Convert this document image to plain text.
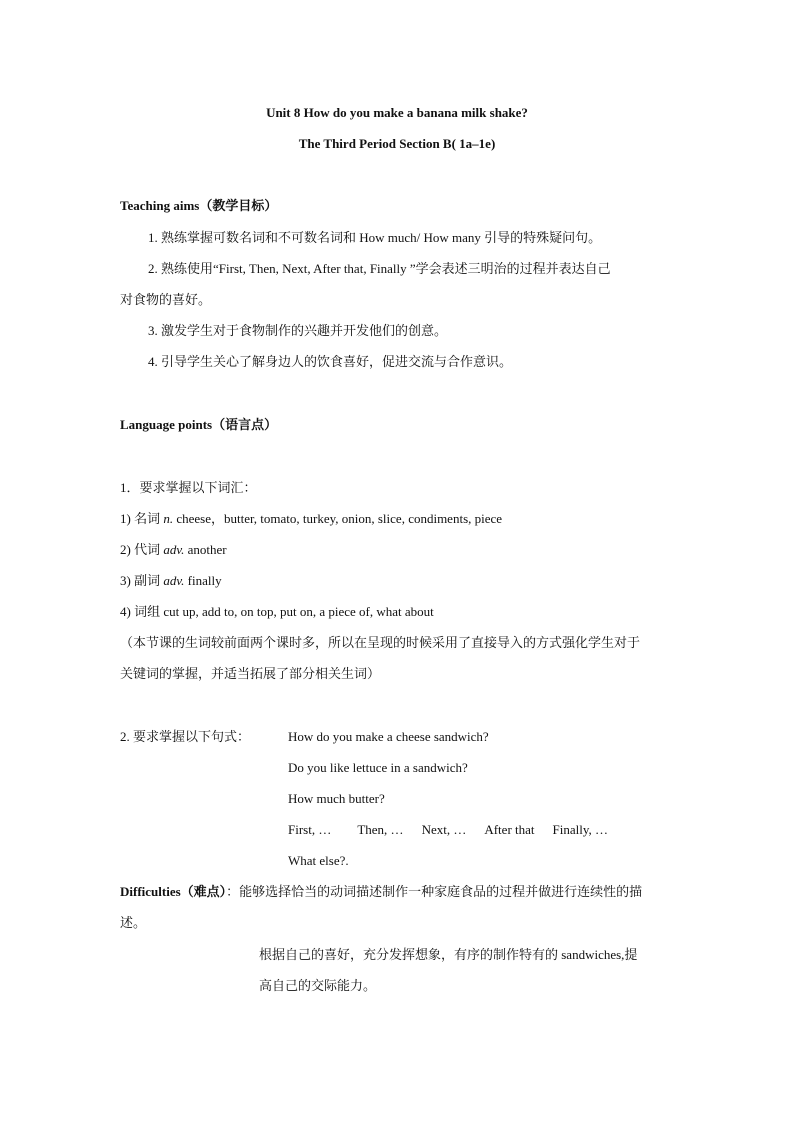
Unit 8 How do you make a banana milk shake?
The Third Period Section B( 1a–1e)
Teaching aims（教学目标）
1. 熟练掌握可数名词和不可数名词和 How much/ How many 引导的特殊疑问句。
2. 熟练使用“First, Then, Next, After that, Finally ”学会表述三明治的过程并表达自己
对食物的喜好。
3. 激发学生对于食物制作的兴趣并开发他们的创意。
4. 引导学生关心了解身边人的饮食喜好，促进交流与合作意识。
Language points（语言点）
1．要求掌握以下词汇：
1) 名词 n. cheese，butter, tomato, turkey, onion, slice, condiments, piece
2) 代词 adv. another
3) 副词 adv. finally
4) 词组 cut up, add to, on top, put on, a piece of, what about
（本节课的生词较前面两个课时多，所以在呈现的时候采用了直接导入的方式强化学生对于
关键词的掌握，并适当拓展了部分相关生词）
2. 要求掌握以下句式：	How do you make a cheese sandwich?
Do you like lettuce in a sandwich?
How much butter?
First, … Then, … Next, … After that Finally, …
What else?.
Difficulties（难点）：能够选择恰当的动词描述制作一种家庭食品的过程并做进行连续性的描
述。
根据自己的喜好，充分发挥想象，有序的制作特有的 sandwiches,提
高自己的交际能力。
